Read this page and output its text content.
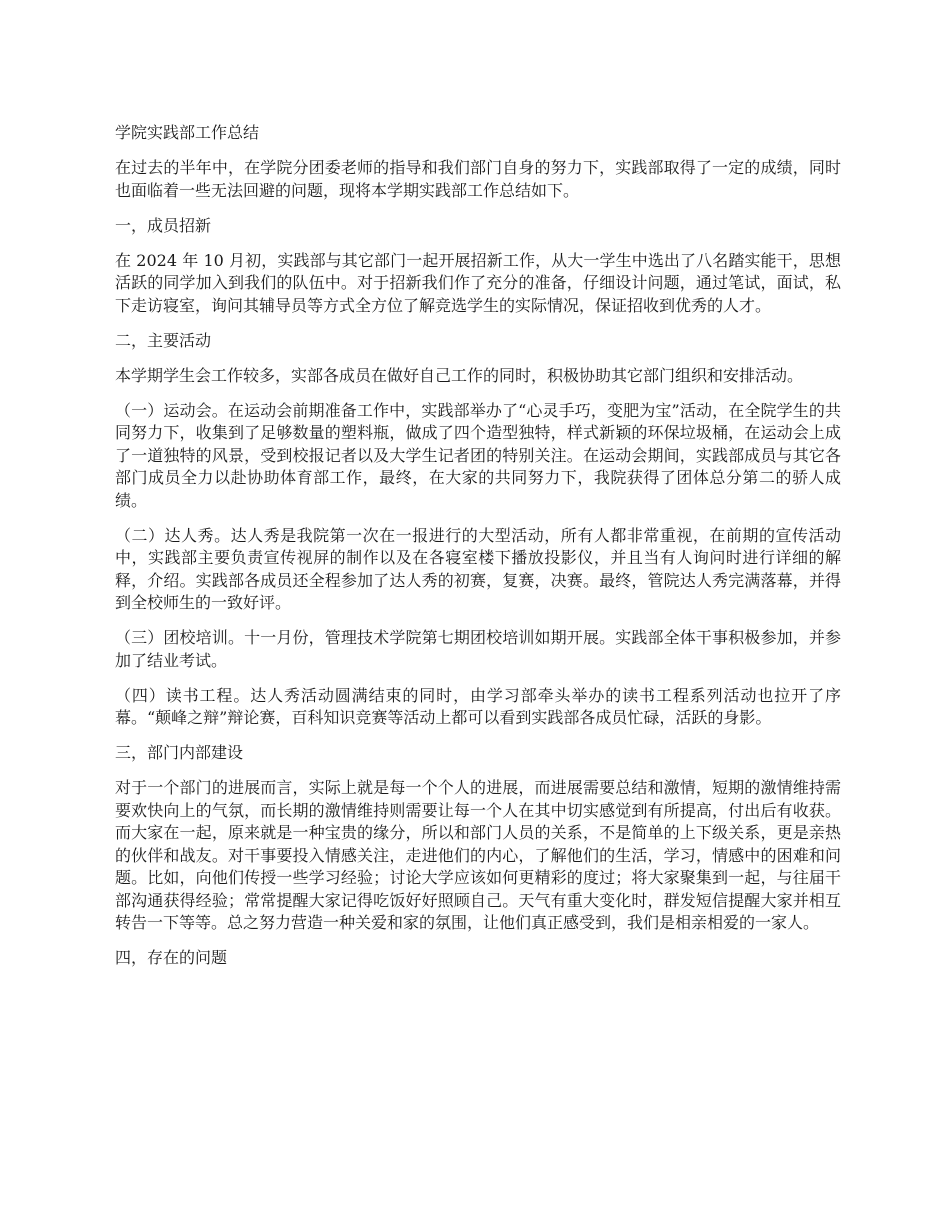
学院实践部工作总结

在过去的半年中，在学院分团委老师的指导和我们部门自身的努力下，实践部取得了一定的成绩，同时也面临着一些无法回避的问题，现将本学期实践部工作总结如下。

一，成员招新

在 2024 年 10 月初，实践部与其它部门一起开展招新工作，从大一学生中选出了八名踏实能干，思想活跃的同学加入到我们的队伍中。对于招新我们作了充分的准备，仔细设计问题，通过笔试，面试，私下走访寝室，询问其辅导员等方式全方位了解竞选学生的实际情况，保证招收到优秀的人才。

二，主要活动

本学期学生会工作较多，实部各成员在做好自己工作的同时，积极协助其它部门组织和安排活动。

（一）运动会。在运动会前期准备工作中，实践部举办了“心灵手巧，变肥为宝”活动，在全院学生的共同努力下，收集到了足够数量的塑料瓶，做成了四个造型独特，样式新颖的环保垃圾桶，在运动会上成了一道独特的风景，受到校报记者以及大学生记者团的特别关注。在运动会期间，实践部成员与其它各部门成员全力以赴协助体育部工作，最终，在大家的共同努力下，我院获得了团体总分第二的骄人成绩。

（二）达人秀。达人秀是我院第一次在一报进行的大型活动，所有人都非常重视，在前期的宣传活动中，实践部主要负责宣传视屏的制作以及在各寝室楼下播放投影仪，并且当有人询问时进行详细的解释，介绍。实践部各成员还全程参加了达人秀的初赛，复赛，决赛。最终，管院达人秀完满落幕，并得到全校师生的一致好评。

（三）团校培训。十一月份，管理技术学院第七期团校培训如期开展。实践部全体干事积极参加，并参加了结业考试。

（四）读书工程。达人秀活动圆满结束的同时，由学习部牵头举办的读书工程系列活动也拉开了序幕。“颠峰之辩”辩论赛，百科知识竞赛等活动上都可以看到实践部各成员忙碌，活跃的身影。

三，部门内部建设

对于一个部门的进展而言，实际上就是每一个个人的进展，而进展需要总结和激情，短期的激情维持需要欢快向上的气氛，而长期的激情维持则需要让每一个人在其中切实感觉到有所提高，付出后有收获。而大家在一起，原来就是一种宝贵的缘分，所以和部门人员的关系，不是简单的上下级关系，更是亲热的伙伴和战友。对干事要投入情感关注，走进他们的内心，了解他们的生活，学习，情感中的困难和问题。比如，向他们传授一些学习经验；讨论大学应该如何更精彩的度过；将大家聚集到一起，与往届干部沟通获得经验；常常提醒大家记得吃饭好好照顾自己。天气有重大变化时，群发短信提醒大家并相互转告一下等等。总之努力营造一种关爱和家的氛围，让他们真正感受到，我们是相亲相爱的一家人。

四，存在的问题
